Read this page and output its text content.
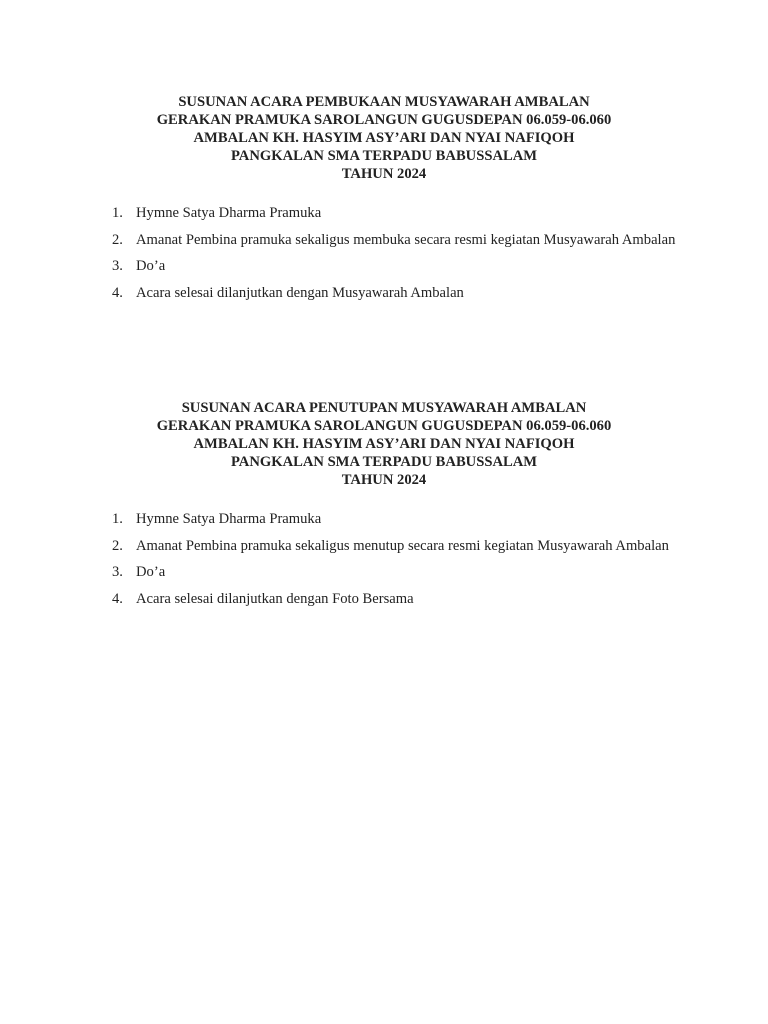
SUSUNAN ACARA PEMBUKAAN MUSYAWARAH AMBALAN
GERAKAN PRAMUKA SAROLANGUN GUGUSDEPAN 06.059-06.060
AMBALAN KH. HASYIM ASY’ARI DAN NYAI NAFIQOH
PANGKALAN SMA TERPADU BABUSSALAM
TAHUN 2024
1. Hymne Satya Dharma Pramuka
2. Amanat Pembina pramuka sekaligus membuka secara resmi kegiatan Musyawarah Ambalan
3. Do’a
4. Acara selesai dilanjutkan dengan Musyawarah Ambalan
SUSUNAN ACARA PENUTUPAN MUSYAWARAH AMBALAN
GERAKAN PRAMUKA SAROLANGUN GUGUSDEPAN 06.059-06.060
AMBALAN KH. HASYIM ASY’ARI DAN NYAI NAFIQOH
PANGKALAN SMA TERPADU BABUSSALAM
TAHUN 2024
1. Hymne Satya Dharma Pramuka
2. Amanat Pembina pramuka sekaligus menutup secara resmi kegiatan Musyawarah Ambalan
3. Do’a
4. Acara selesai dilanjutkan dengan Foto Bersama
